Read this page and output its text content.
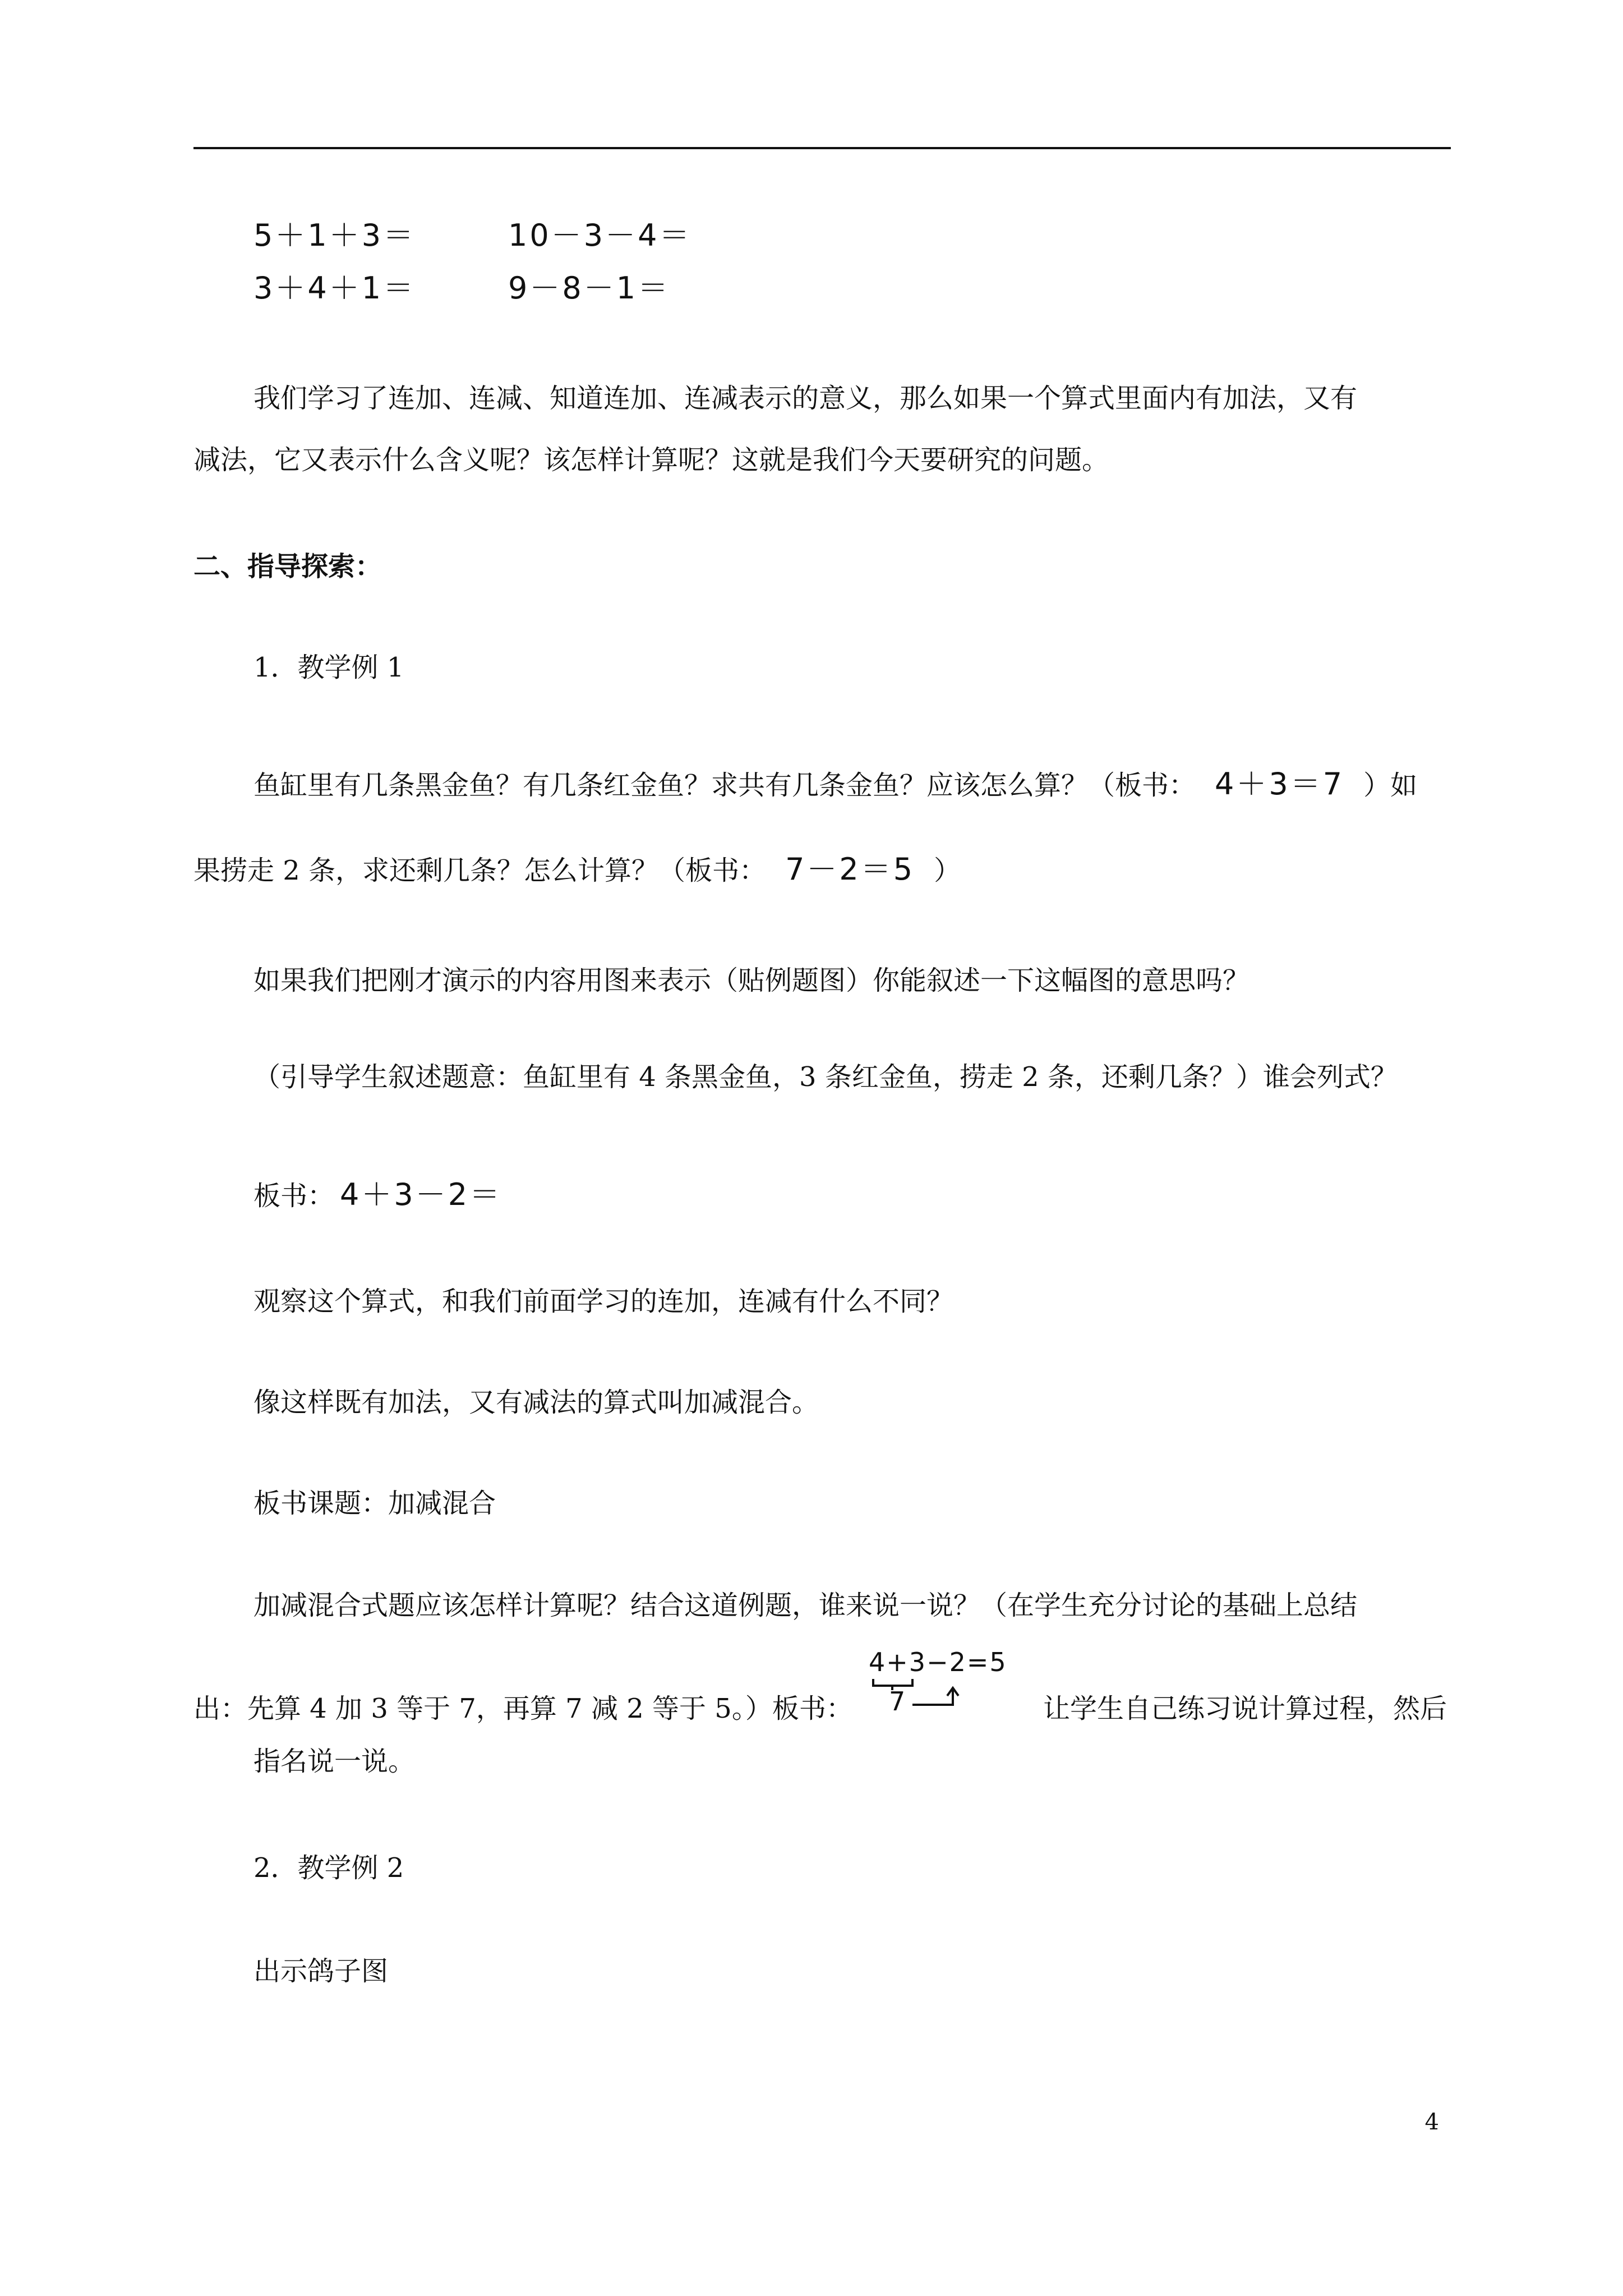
5＋1＋3＝
3＋4＋1＝
10－3－4＝
9－8－1＝
我们学习了连加、连减、知道连加、连减表示的意义，那么如果一个算式里面内有加法，又有
减法，它又表示什么含义呢？该怎样计算呢？这就是我们今天要研究的问题。
二、指导探索：
1．教学例 1
鱼缸里有几条黑金鱼？有几条红金鱼？求共有几条金鱼？应该怎么算？（板书： 4＋3＝7 ）如
果捞走 2 条，求还剩几条？怎么计算？（板书： 7－2＝5 ）
如果我们把刚才演示的内容用图来表示（贴例题图）你能叙述一下这幅图的意思吗？
（引导学生叙述题意：鱼缸里有 4 条黑金鱼，3 条红金鱼，捞走 2 条，还剩几条？）谁会列式？
板书： 4＋3－2＝
观察这个算式，和我们前面学习的连加，连减有什么不同？
像这样既有加法，又有减法的算式叫加减混合。
板书课题：加减混合
加减混合式题应该怎样计算呢？结合这道例题，谁来说一说？（在学生充分讨论的基础上总结
出：先算 4 加 3 等于 7，再算 7 减 2 等于 5。）板书：
4+3−2=5
7	让学生自己练习说计算过程，然后
指名说一说。
2．教学例 2
出示鸽子图
4
